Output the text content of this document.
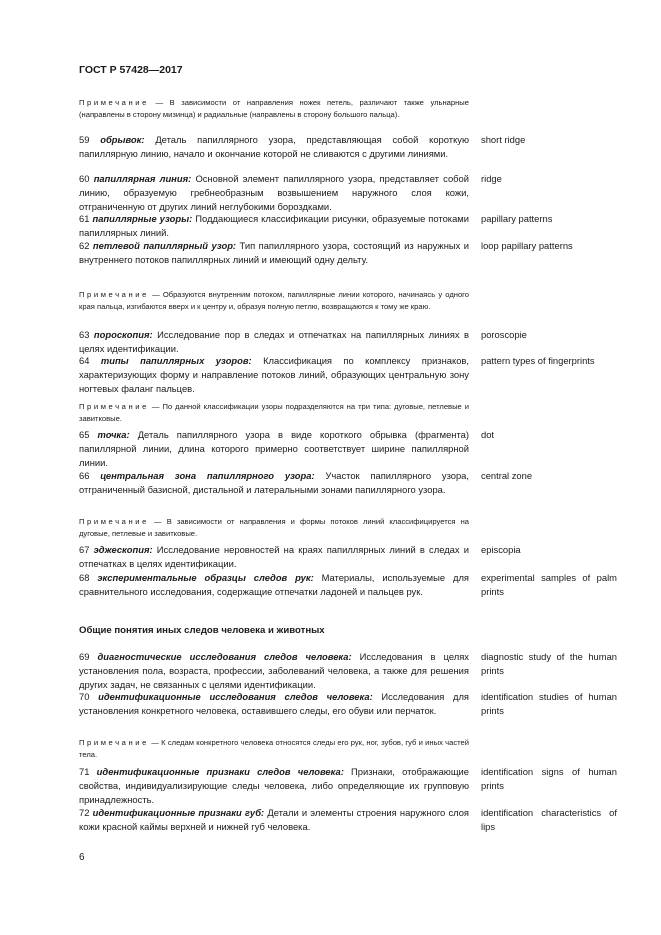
ГОСТ Р 57428—2017
Примечание — В зависимости от направления ножек петель, различают также ульнарные (направлены в сторону мизинца) и радиальные (направлены в сторону большого пальца).
59 обрывок: Деталь папиллярного узора, представляющая собой короткую папиллярную линию, начало и окончание которой не сливаются с другими линиями.
short ridge
60 папиллярная линия: Основной элемент папиллярного узора, представляет собой линию, образуемую гребнеобразным возвышением наружного слоя кожи, отграниченную от других линий неглубокими бороздками.
ridge
61 папиллярные узоры: Поддающиеся классификации рисунки, образуемые потоками папиллярных линий.
papillary patterns
62 петлевой папиллярный узор: Тип папиллярного узора, состоящий из наружных и внутреннего потоков папиллярных линий и имеющий одну дельту.
loop papillary patterns
Примечание — Образуются внутренним потоком, папиллярные линии которого, начинаясь у одного края пальца, изгибаются вверх и к центру и, образуя полную петлю, возвращаются к тому же краю.
63 пороскопия: Исследование пор в следах и отпечатках на папиллярных линиях в целях идентификации.
poroscopie
64 типы папиллярных узоров: Классификация по комплексу признаков, характеризующих форму и направление потоков линий, образующих центральную зону ногтевых фаланг пальцев.
pattern types of fingerprints
Примечание — По данной классификации узоры подразделяются на три типа: дуговые, петлевые и завитковые.
65 точка: Деталь папиллярного узора в виде короткого обрывка (фрагмента) папиллярной линии, длина которого примерно соответствует ширине папиллярной линии.
dot
66 центральная зона папиллярного узора: Участок папиллярного узора, отграниченный базисной, дистальной и латеральными зонами папиллярного узора.
central zone
Примечание — В зависимости от направления и формы потоков линий классифицируется на дуговые, петлевые и завитковые.
67 эджескопия: Исследование неровностей на краях папиллярных линий в следах и отпечатках в целях идентификации.
episcopia
68 экспериментальные образцы следов рук: Материалы, используемые для сравнительного исследования, содержащие отпечатки ладоней и пальцев рук.
experimental samples of palm prints
Общие понятия иных следов человека и животных
69 диагностические исследования следов человека: Исследования в целях установления пола, возраста, профессии, заболеваний человека, а также для решения других задач, не связанных с целями идентификации.
diagnostic study of the human prints
70 идентификационные исследования следов человека: Исследования для установления конкретного человека, оставившего следы, его обуви или перчаток.
identification studies of human prints
Примечание — К следам конкретного человека относятся следы его рук, ног, зубов, губ и иных частей тела.
71 идентификационные признаки следов человека: Признаки, отображающие свойства, индивидуализирующие следы человека, либо определяющие их групповую принадлежность.
identification signs of human prints
72 идентификационные признаки губ: Детали и элементы строения наружного слоя кожи красной каймы верхней и нижней губ человека.
identification characteristics of lips
6
